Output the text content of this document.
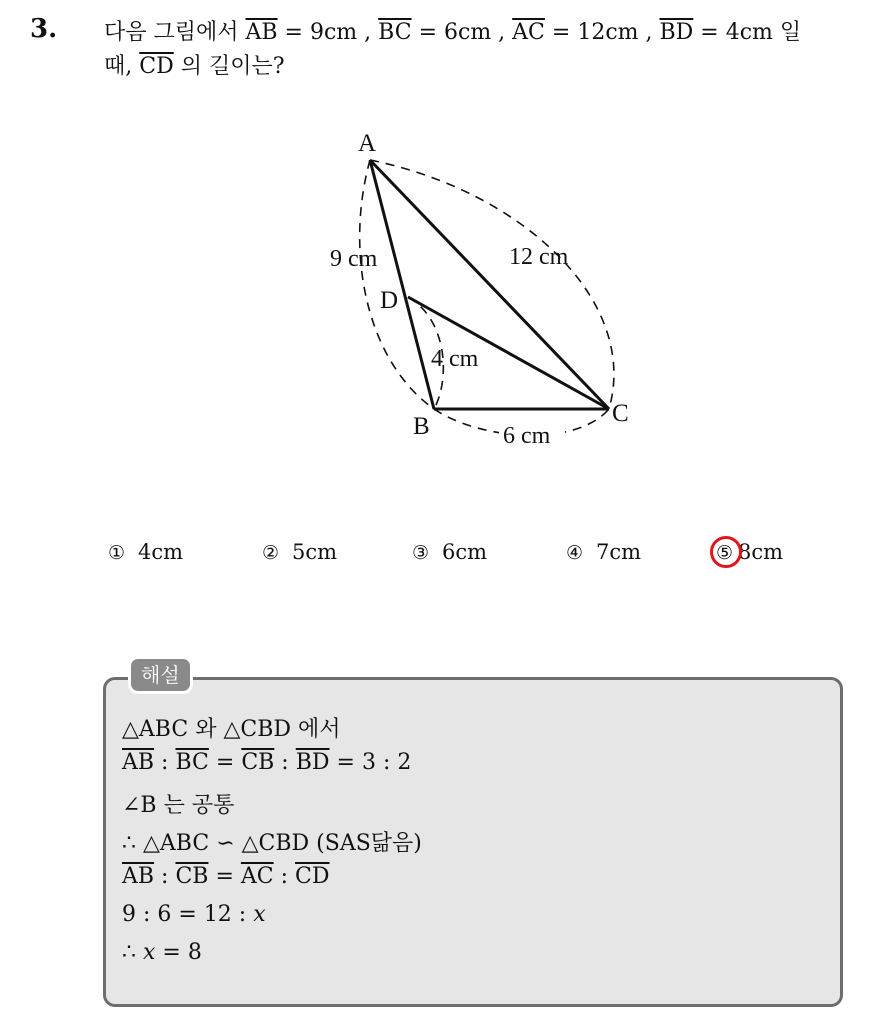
3. 다음 그림에서 $\overline{AB} = 9cm$ , $\overline{BC} = 6cm$ , $\overline{AC} = 12cm$ , $\overline{BD} = 4cm$ 일
때, $\overline{CD}$ 의 길이는?
A
B	C
D
9 cm	12 cm
4 cm
6 cm
① 4cm	② 5cm	③ 6cm	④ 7cm	⑤ 8cm
해설
△ABC 와 △CBD 에서
$\overline{AB}$ : $\overline{BC} = \overline{CB}$ : $\overline{BD} = 3$ : 2
∠B 는 공통
∴ △ABC ∽ △CBD (SAS닮음)
$\overline{AB}$ : $\overline{CB} = \overline{AC}$ : $\overline{CD}$
9 : 6 = 12 : x
∴ x = 8
